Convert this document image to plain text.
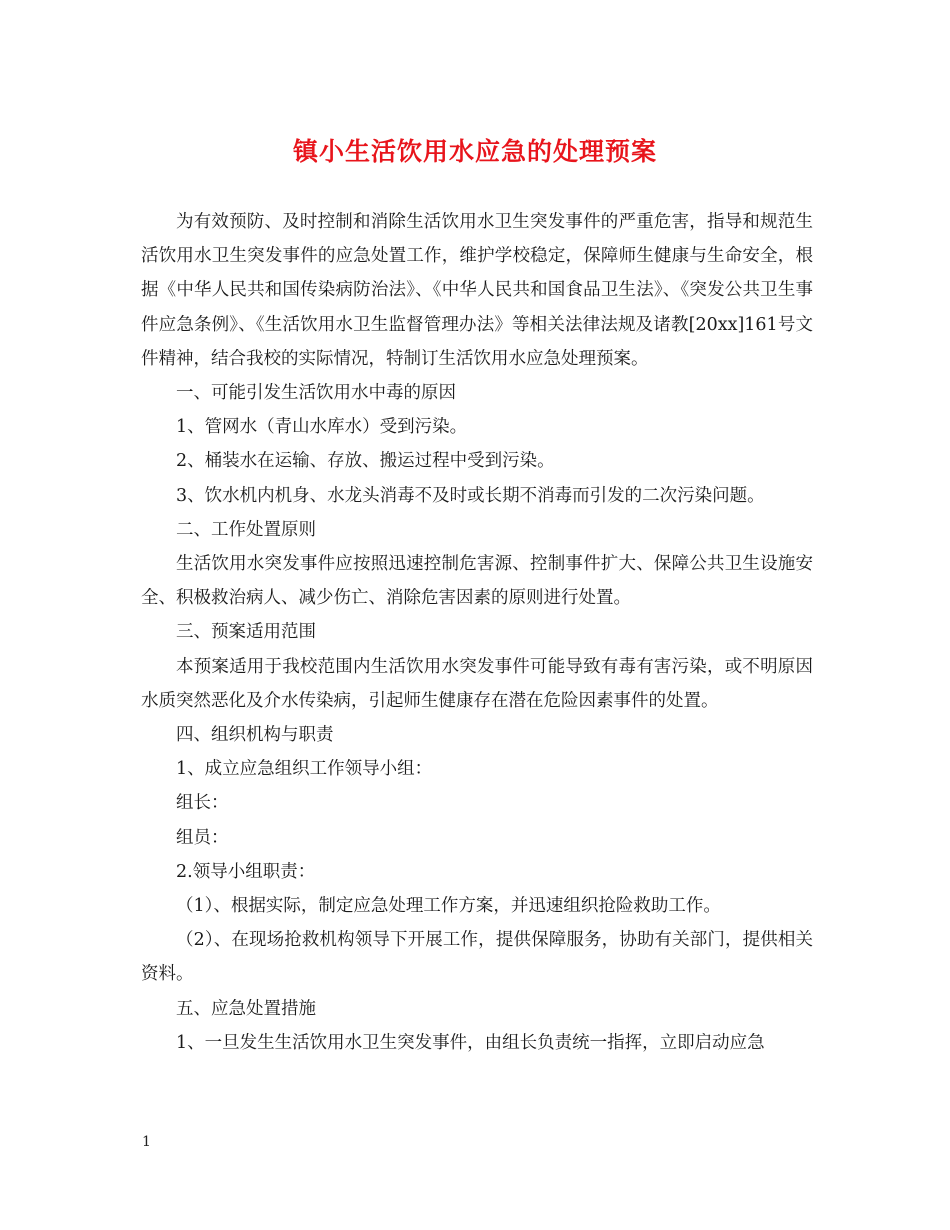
镇小生活饮用水应急的处理预案

为有效预防、及时控制和消除生活饮用水卫生突发事件的严重危害，指导和规范生活饮用水卫生突发事件的应急处置工作，维护学校稳定，保障师生健康与生命安全，根据《中华人民共和国传染病防治法》、《中华人民共和国食品卫生法》、《突发公共卫生事件应急条例》、《生活饮用水卫生监督管理办法》等相关法律法规及诸教[20xx]161号文件精神，结合我校的实际情况，特制订生活饮用水应急处理预案。

一、可能引发生活饮用水中毒的原因

1、管网水（青山水库水）受到污染。

2、桶装水在运输、存放、搬运过程中受到污染。

3、饮水机内机身、水龙头消毒不及时或长期不消毒而引发的二次污染问题。

二、工作处置原则

生活饮用水突发事件应按照迅速控制危害源、控制事件扩大、保障公共卫生设施安全、积极救治病人、减少伤亡、消除危害因素的原则进行处置。

三、预案适用范围

本预案适用于我校范围内生活饮用水突发事件可能导致有毒有害污染，或不明原因水质突然恶化及介水传染病，引起师生健康存在潜在危险因素事件的处置。

四、组织机构与职责

1、成立应急组织工作领导小组：

组长：

组员：

2.领导小组职责：

（1）、根据实际，制定应急处理工作方案，并迅速组织抢险救助工作。

（2）、在现场抢救机构领导下开展工作，提供保障服务，协助有关部门，提供相关资料。

五、应急处置措施

1、一旦发生生活饮用水卫生突发事件，由组长负责统一指挥，立即启动应急

1
